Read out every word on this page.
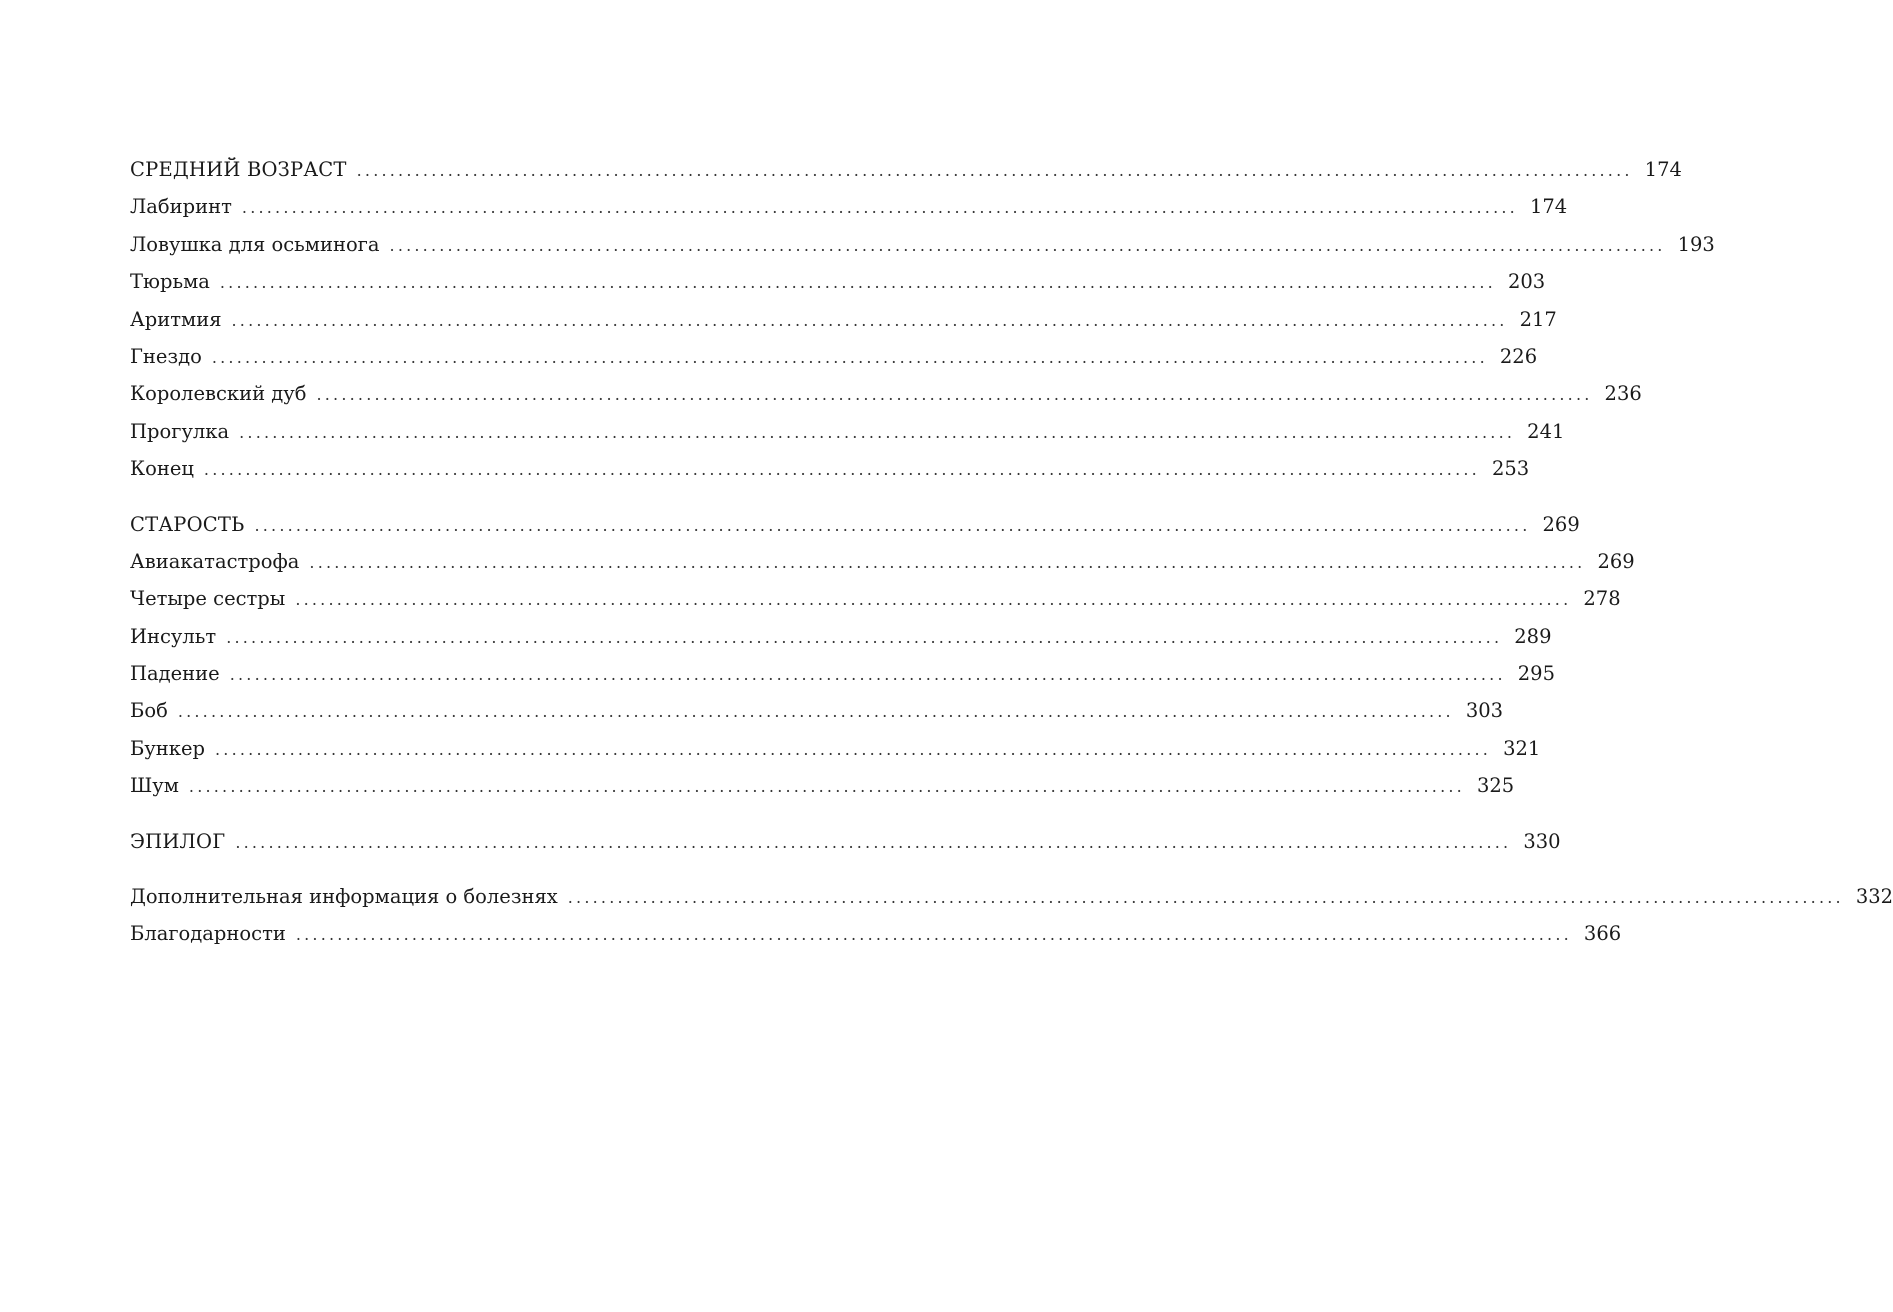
СРЕДНИЙ ВОЗРАСТ .......................................................................................................................................................... 174
Лабиринт .......................................................................................................................................................... 174
Ловушка для осьминога .......................................................................................................................................................... 193
Тюрьма .......................................................................................................................................................... 203
Аритмия .......................................................................................................................................................... 217
Гнездо .......................................................................................................................................................... 226
Королевский дуб .......................................................................................................................................................... 236
Прогулка .......................................................................................................................................................... 241
Конец .......................................................................................................................................................... 253
СТАРОСТЬ .......................................................................................................................................................... 269
Авиакатастрофа .......................................................................................................................................................... 269
Четыре сестры .......................................................................................................................................................... 278
Инсульт .......................................................................................................................................................... 289
Падение .......................................................................................................................................................... 295
Боб .......................................................................................................................................................... 303
Бункер .......................................................................................................................................................... 321
Шум .......................................................................................................................................................... 325
ЭПИЛОГ .......................................................................................................................................................... 330
Дополнительная информация о болезнях .......................................................................................................................................................... 332
Благодарности .......................................................................................................................................................... 366
